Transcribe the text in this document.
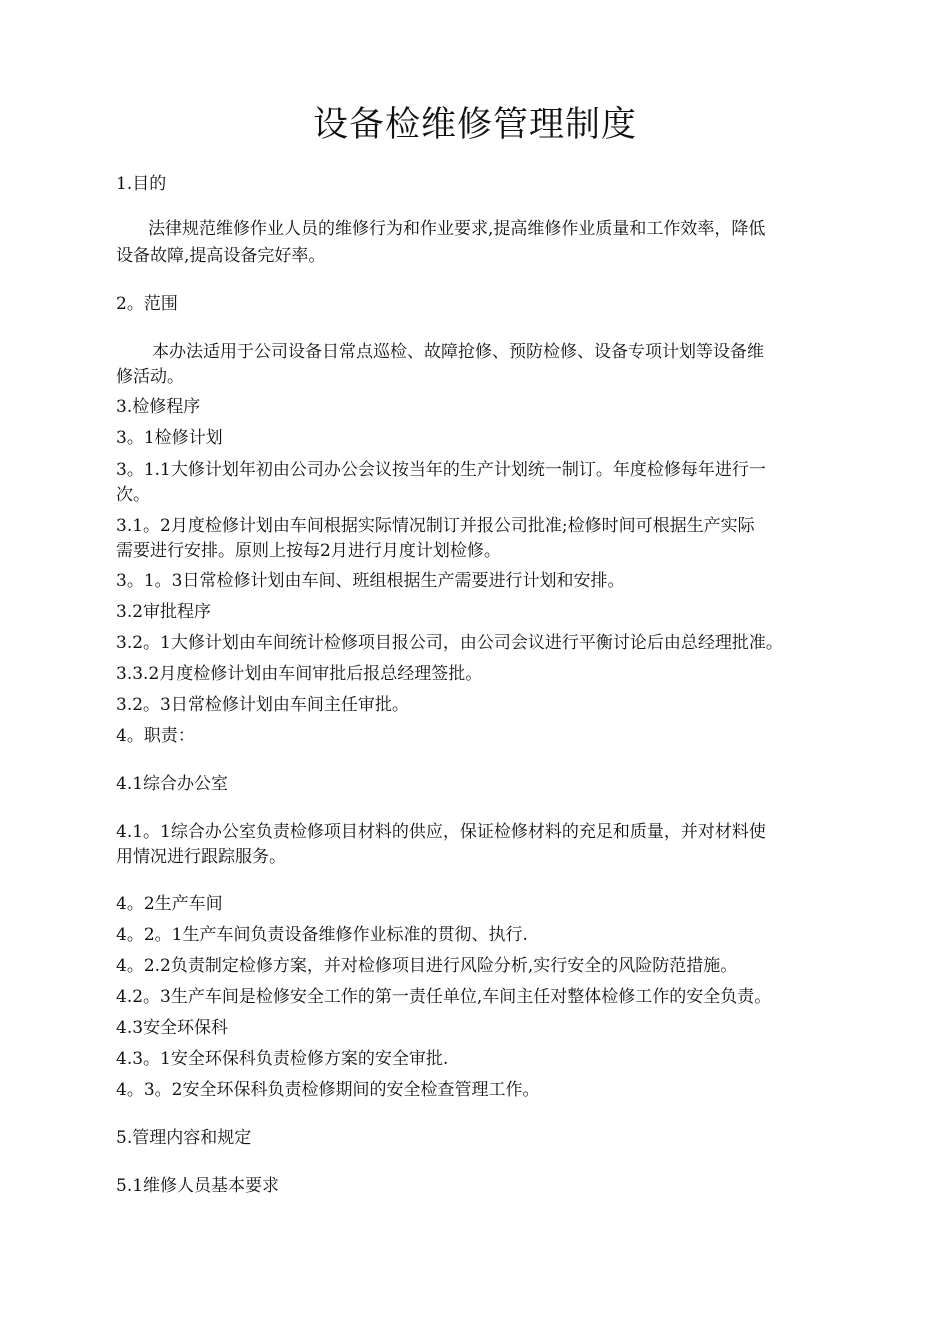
设备检维修管理制度
1.目的
法律规范维修作业人员的维修行为和作业要求,提高维修作业质量和工作效率，降低
设备故障,提高设备完好率。
2。范围
本办法适用于公司设备日常点巡检、故障抢修、预防检修、设备专项计划等设备维
修活动。
3.检修程序
3。1检修计划
3。1.1大修计划年初由公司办公会议按当年的生产计划统一制订。年度检修每年进行一
次。
3.1。2月度检修计划由车间根据实际情况制订并报公司批准;检修时间可根据生产实际
需要进行安排。原则上按每2月进行月度计划检修。
3。1。3日常检修计划由车间、班组根据生产需要进行计划和安排。
3.2审批程序
3.2。1大修计划由车间统计检修项目报公司，由公司会议进行平衡讨论后由总经理批准。
3.3.2月度检修计划由车间审批后报总经理签批。
3.2。3日常检修计划由车间主任审批。
4。职责：
4.1综合办公室
4.1。1综合办公室负责检修项目材料的供应，保证检修材料的充足和质量，并对材料使
用情况进行跟踪服务。
4。2生产车间
4。2。1生产车间负责设备维修作业标准的贯彻、执行.
4。2.2负责制定检修方案，并对检修项目进行风险分析,实行安全的风险防范措施。
4.2。3生产车间是检修安全工作的第一责任单位,车间主任对整体检修工作的安全负责。
4.3安全环保科
4.3。1安全环保科负责检修方案的安全审批.
4。3。2安全环保科负责检修期间的安全检查管理工作。
5.管理内容和规定
5.1维修人员基本要求
